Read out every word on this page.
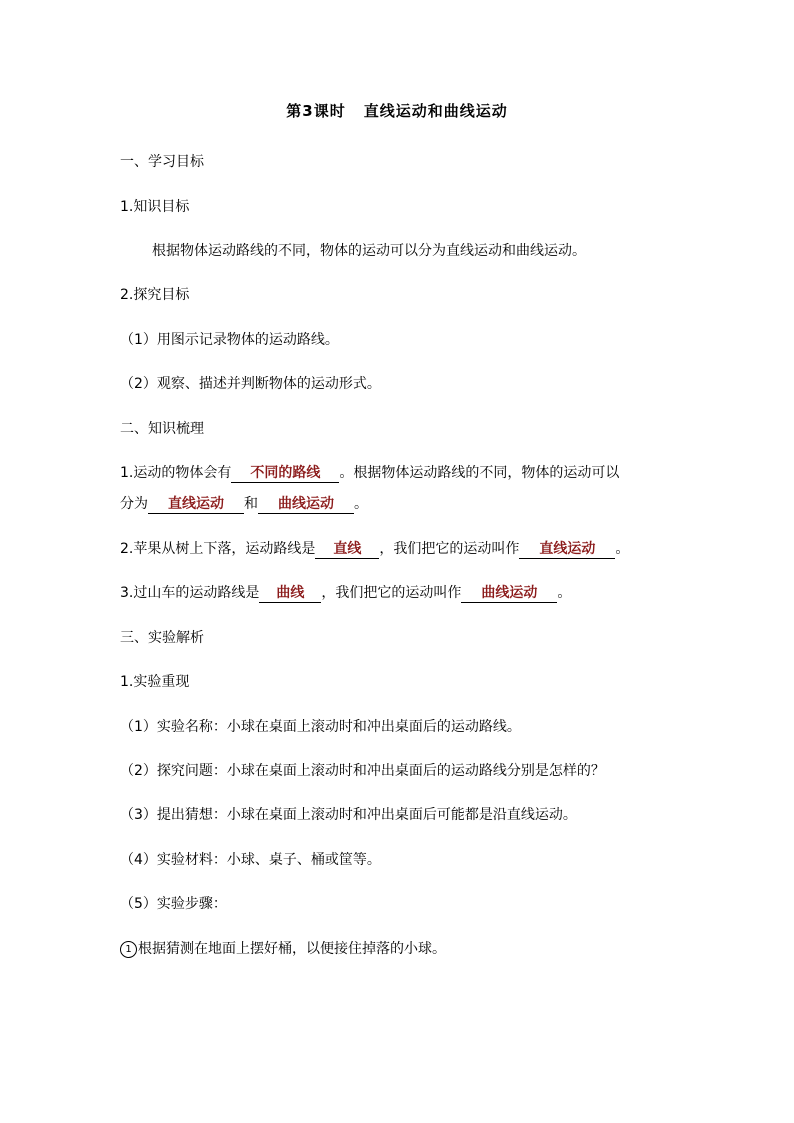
第3课时 直线运动和曲线运动
一、学习目标
1.知识目标
根据物体运动路线的不同，物体的运动可以分为直线运动和曲线运动。
2.探究目标
（1）用图示记录物体的运动路线。
（2）观察、描述并判断物体的运动形式。
二、知识梳理
1.运动的物体会有 不同的路线 。根据物体运动路线的不同，物体的运动可以
分为 直线运动 和 曲线运动 。
2.苹果从树上下落，运动路线是 直线 ，我们把它的运动叫作 直线运动 。
3.过山车的运动路线是 曲线 ，我们把它的运动叫作 曲线运动 。
三、实验解析
1.实验重现
（1）实验名称：小球在桌面上滚动时和冲出桌面后的运动路线。
（2）探究问题：小球在桌面上滚动时和冲出桌面后的运动路线分别是怎样的？
（3）提出猜想：小球在桌面上滚动时和冲出桌面后可能都是沿直线运动。
（4）实验材料：小球、桌子、桶或筐等。
（5）实验步骤：
1 根据猜测在地面上摆好桶，以便接住掉落的小球。
